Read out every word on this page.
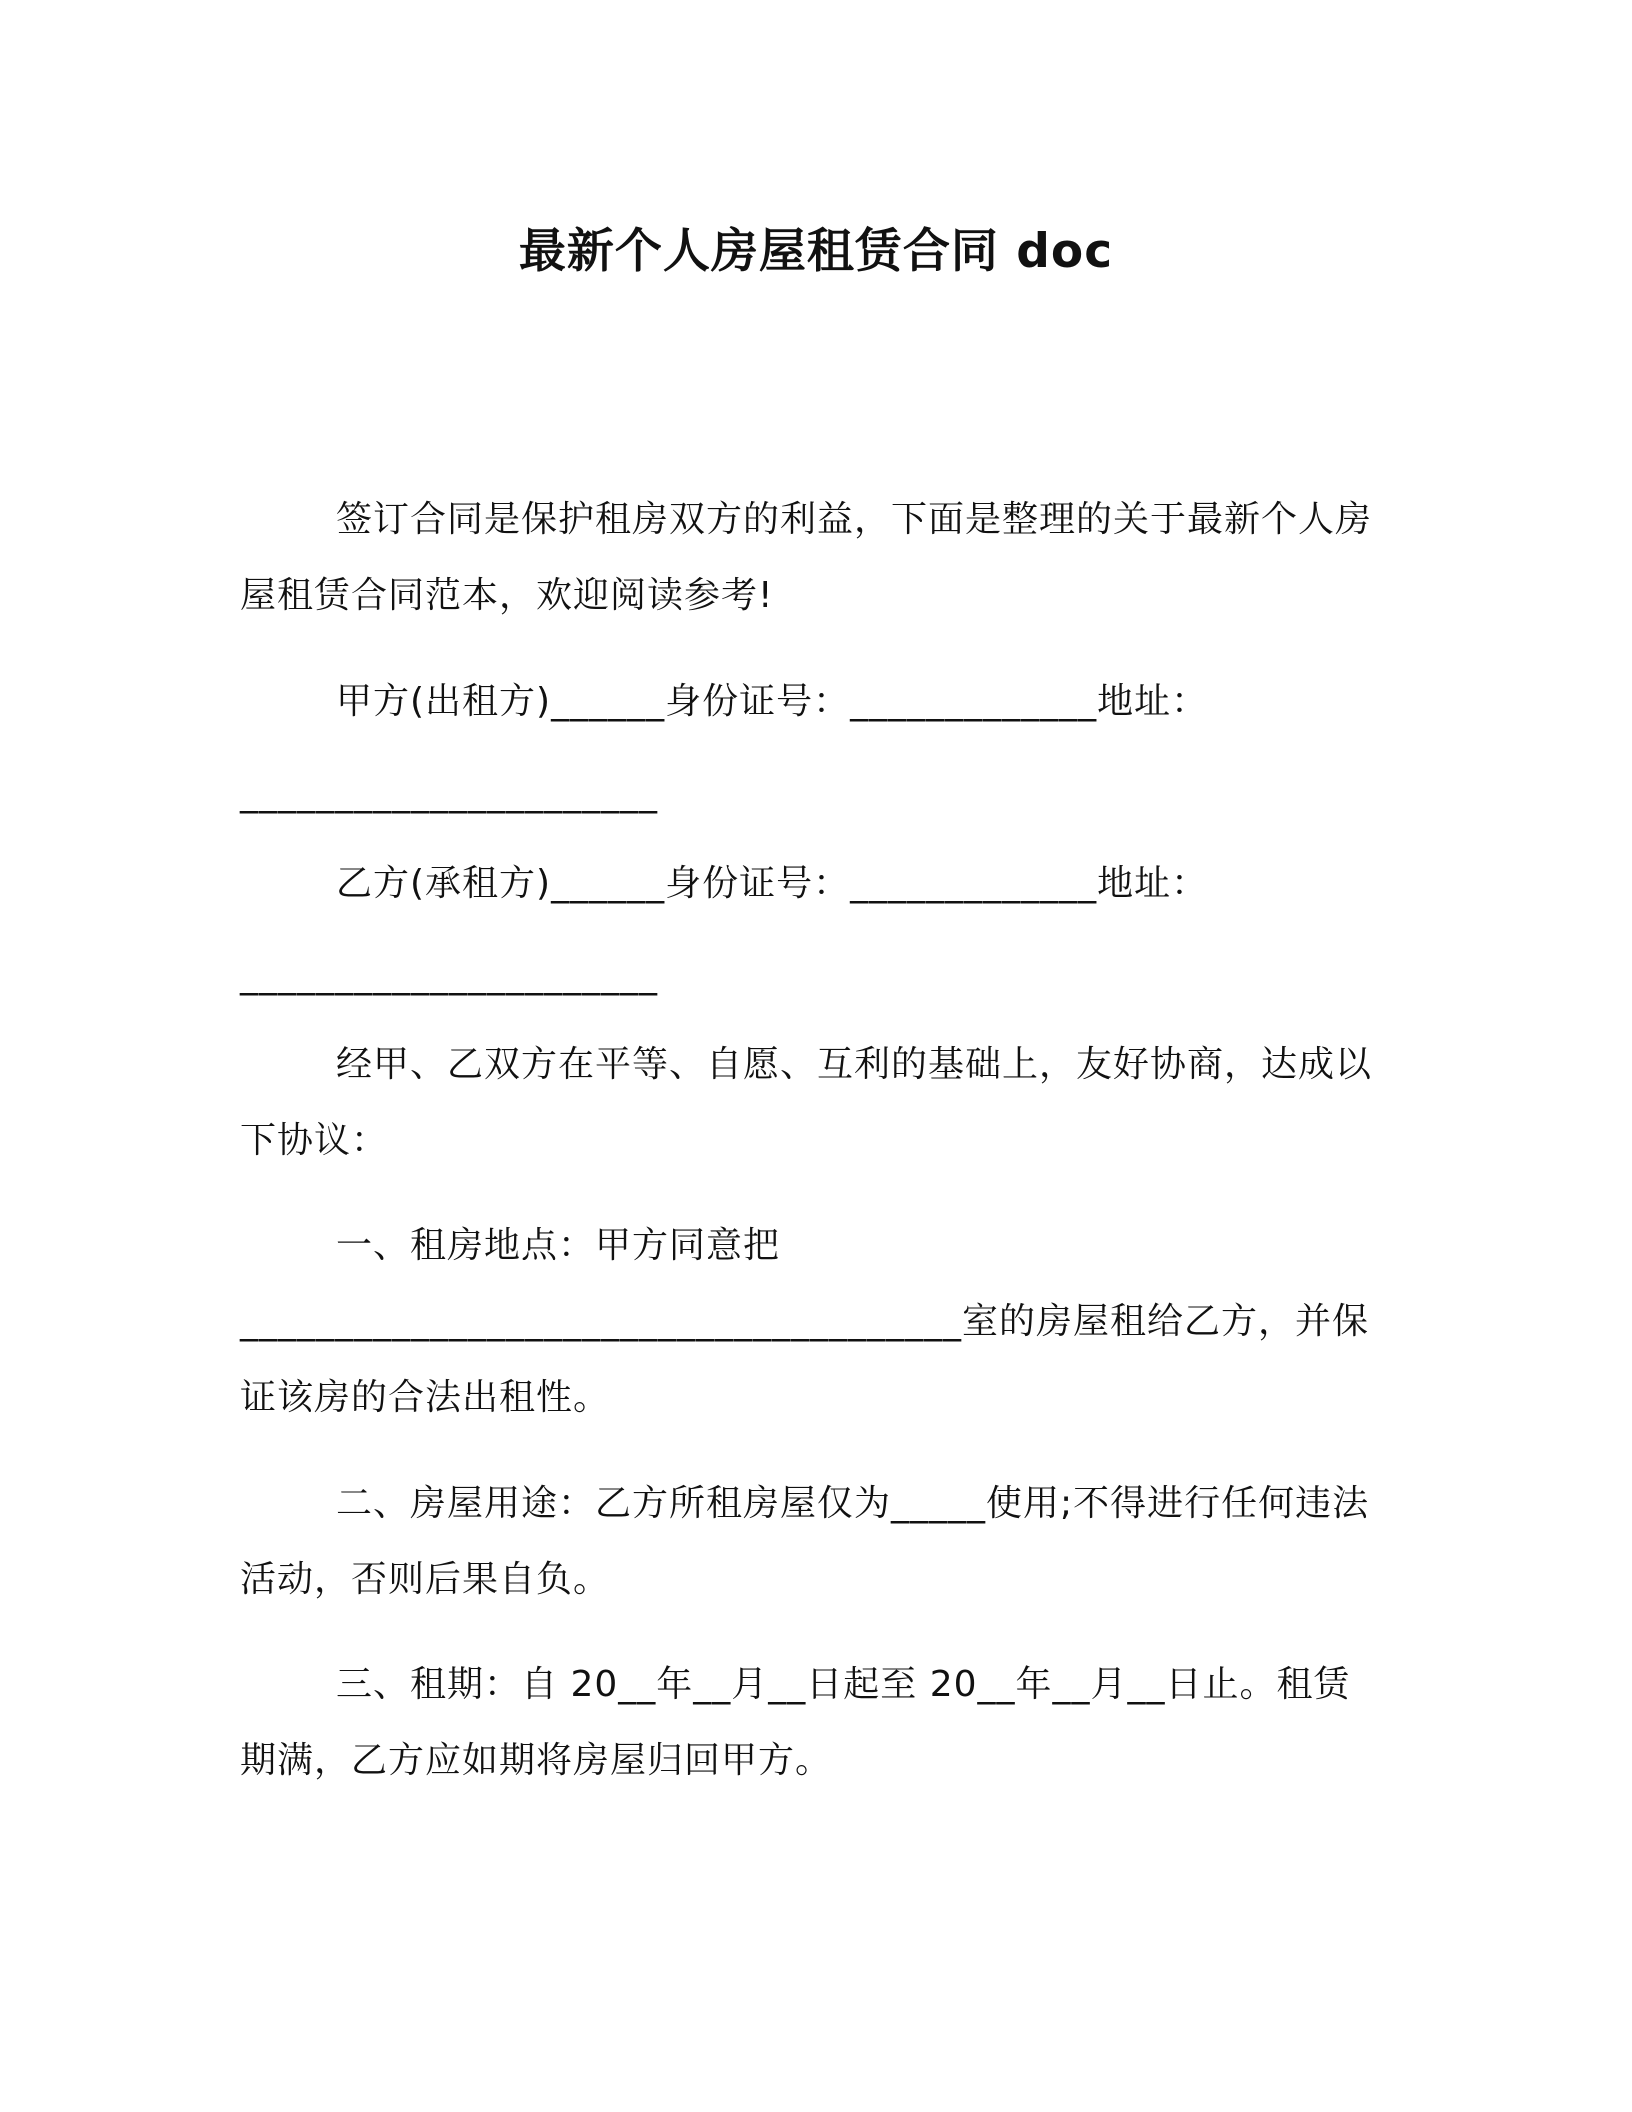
最新个人房屋租赁合同 doc
签订合同是保护租房双方的利益，下面是整理的关于最新个人房
屋租赁合同范本，欢迎阅读参考!
甲方(出租方)______身份证号：_____________地址：
______________________
乙方(承租方)______身份证号：_____________地址：
______________________
经甲、乙双方在平等、自愿、互利的基础上，友好协商，达成以
下协议：
一、租房地点：甲方同意把
______________________________________室的房屋租给乙方，并保
证该房的合法出租性。
二、房屋用途：乙方所租房屋仅为_____使用;不得进行任何违法
活动，否则后果自负。
三、租期：自 20__年__月__日起至 20__年__月__日止。租赁
期满，乙方应如期将房屋归回甲方。
